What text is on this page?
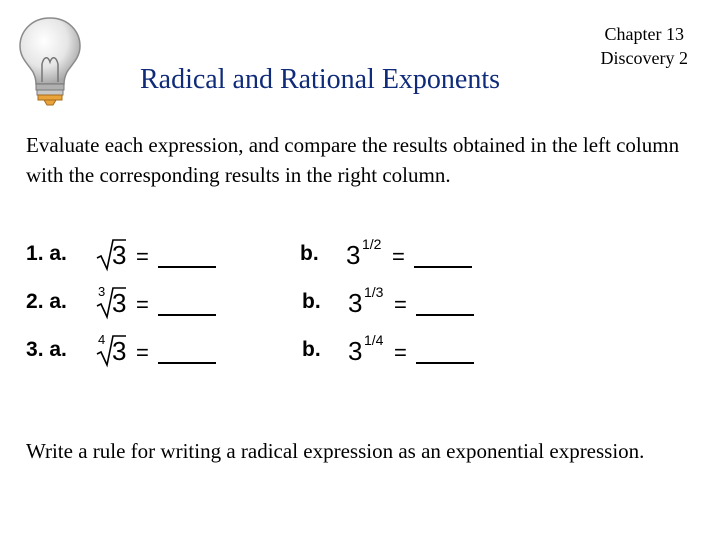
Radical and Rational Exponents
Chapter 13
Discovery 2
Evaluate each expression, and compare the results obtained in the left column with the corresponding results in the right column.
1. a. 3 =	b. 3 1/2 =
2. a. 3 3 =	b. 3 1/3 =
3. a. 4 3 =	b. 3 1/4 =
Write a rule for writing a radical expression as an exponential expression.
